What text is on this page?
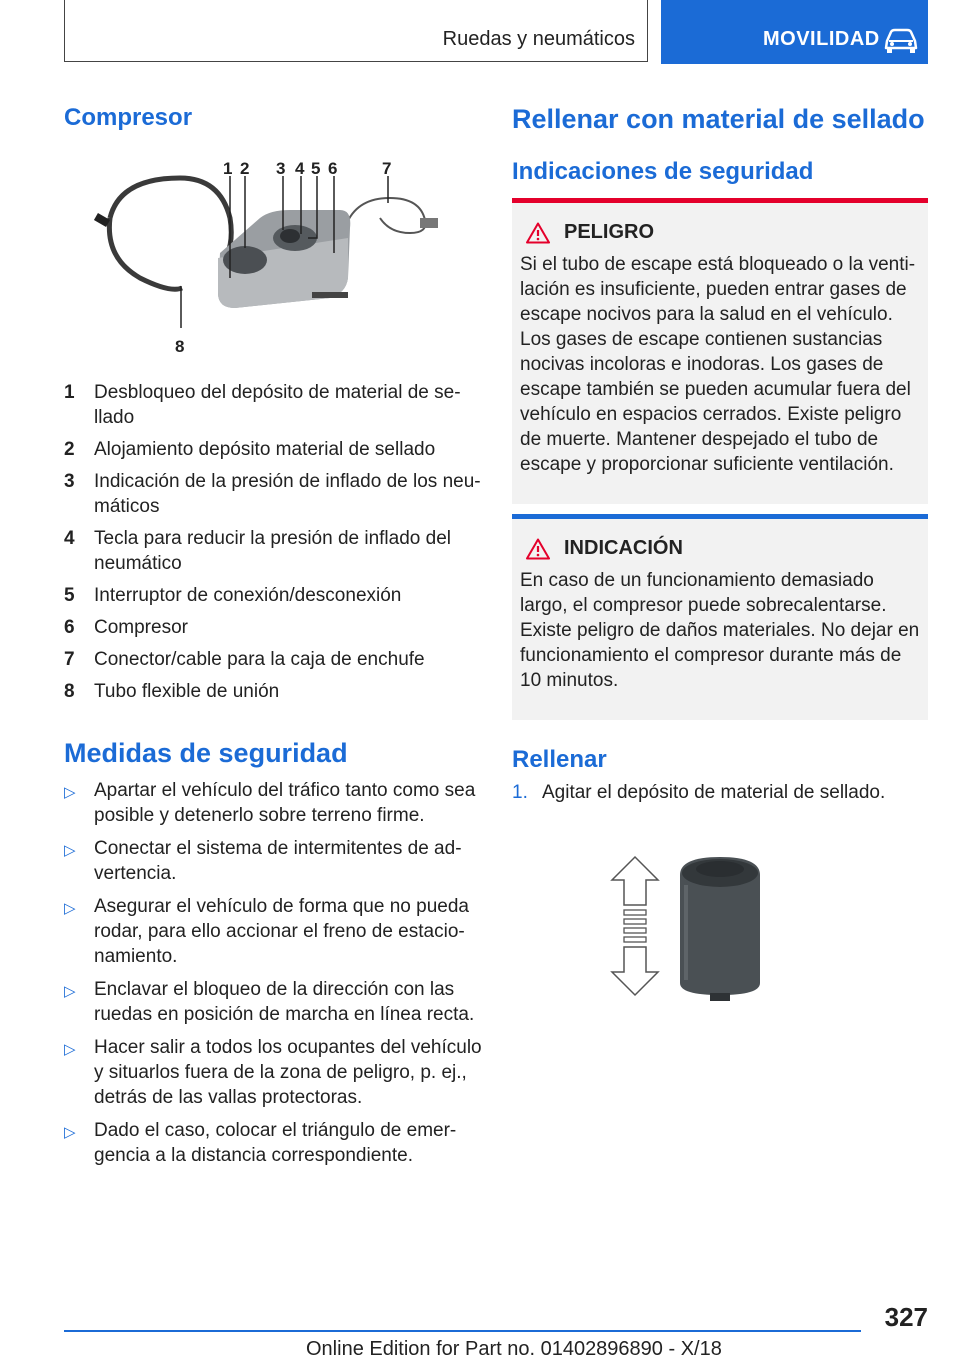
Ruedas y neumáticos	MOVILIDAD
Compresor
1 2 3 4 5 6	7
8
1	Desbloqueo del depósito de material de sellado
2	Alojamiento depósito material de sellado
3	Indicación de la presión de inflado de los neumáticos
4	Tecla para reducir la presión de inflado del neumático
5	Interruptor de conexión/desconexión
6	Compresor
7	Conector/cable para la caja de enchufe
8	Tubo flexible de unión
Medidas de seguridad
▷ Apartar el vehículo del tráfico tanto como sea posible y detenerlo sobre terreno firme.
▷ Conectar el sistema de intermitentes de advertencia.
▷ Asegurar el vehículo de forma que no pueda rodar, para ello accionar el freno de estacionamiento.
▷ Enclavar el bloqueo de la dirección con las ruedas en posición de marcha en línea recta.
▷ Hacer salir a todos los ocupantes del vehículo y situarlos fuera de la zona de peligro, p. ej., detrás de las vallas protectoras.
▷ Dado el caso, colocar el triángulo de emergencia a la distancia correspondiente.
Rellenar con material de sellado
Indicaciones de seguridad
PELIGRO
Si el tubo de escape está bloqueado o la ventilación es insuficiente, pueden entrar gases de escape nocivos para la salud en el vehículo. Los gases de escape contienen sustancias nocivas incoloras e inodoras. Los gases de escape también se pueden acumular fuera del vehículo en espacios cerrados. Existe peligro de muerte. Mantener despejado el tubo de escape y proporcionar suficiente ventilación.
INDICACIÓN
En caso de un funcionamiento demasiado largo, el compresor puede sobrecalentarse. Existe peligro de daños materiales. No dejar en funcionamiento el compresor durante más de 10 minutos.
Rellenar
1. Agitar el depósito de material de sellado.
327
Online Edition for Part no. 01402896890 - X/18
